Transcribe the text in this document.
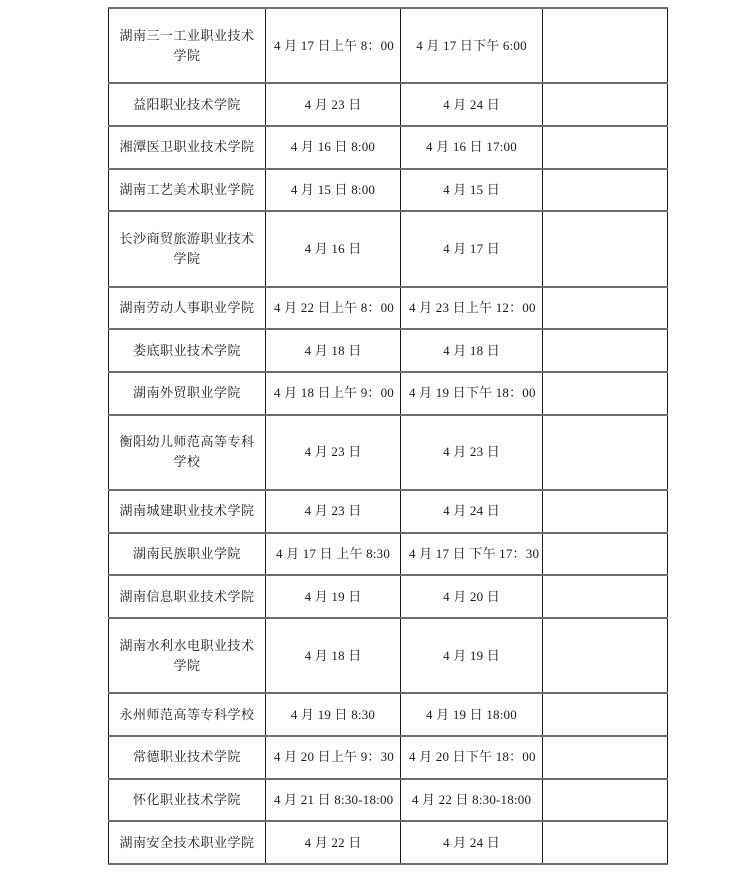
湖南三一工业职业技术学院	4 月 17 日上午 8：00	4 月 17 日下午 6:00	
益阳职业技术学院	4 月 23 日	4 月 24 日	
湘潭医卫职业技术学院	4 月 16 日 8:00	4 月 16 日 17:00	
湖南工艺美术职业学院	4 月 15 日 8:00	4 月 15 日	
长沙商贸旅游职业技术学院	4 月 16 日	4 月 17 日	
湖南劳动人事职业学院	4 月 22 日上午 8：00	4 月 23 日上午 12：00	
娄底职业技术学院	4 月 18 日	4 月 18 日	
湖南外贸职业学院	4 月 18 日上午 9：00	4 月 19 日下午 18：00	
衡阳幼儿师范高等专科学校	4 月 23 日	4 月 23 日	
湖南城建职业技术学院	4 月 23 日	4 月 24 日	
湖南民族职业学院	4 月 17 日 上午 8:30	4 月 17 日 下午 17：30	
湖南信息职业技术学院	4 月 19 日	4 月 20 日	
湖南水利水电职业技术学院	4 月 18 日	4 月 19 日	
永州师范高等专科学校	4 月 19 日 8:30	4 月 19 日 18:00	
常德职业技术学院	4 月 20 日上午 9：30	4 月 20 日下午 18：00	
怀化职业技术学院	4 月 21 日 8:30-18:00	4 月 22 日 8:30-18:00	
湖南安全技术职业学院	4 月 22 日	4 月 24 日	
